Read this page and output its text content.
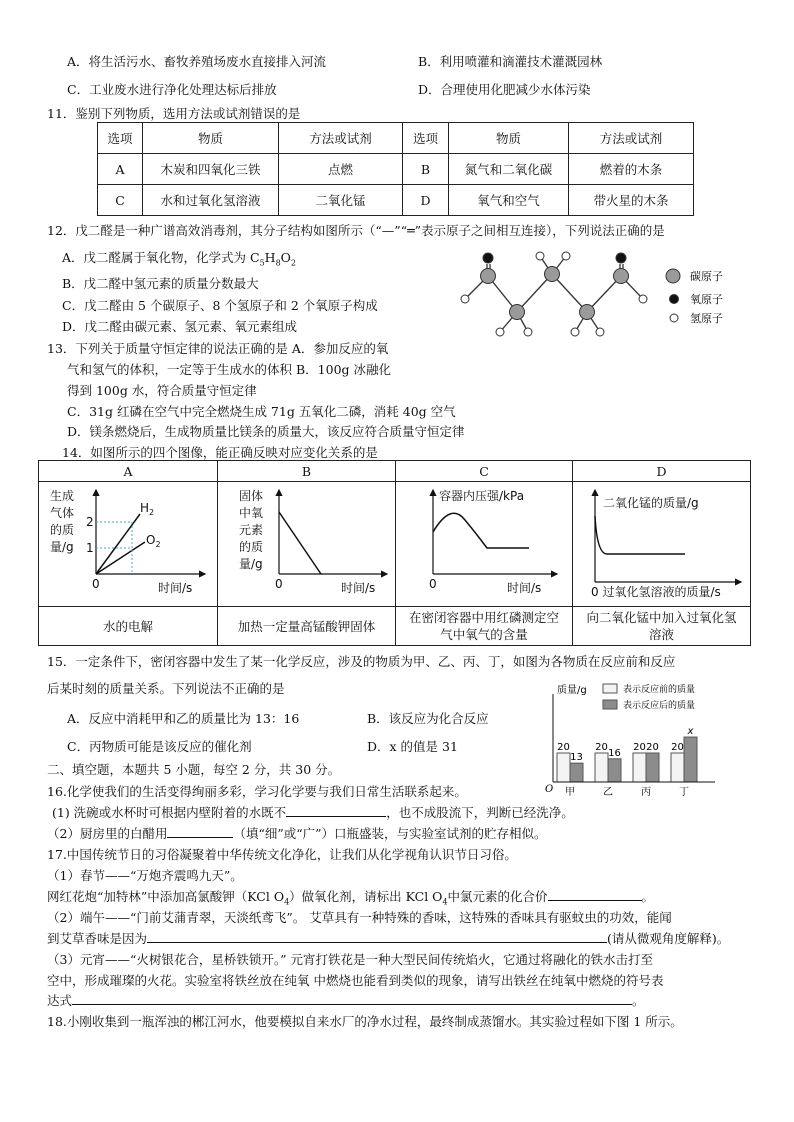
A．将生活污水、畜牧养殖场废水直接排入河流	B．利用喷灌和滴灌技术灌溉园林
C．工业废水进行净化处理达标后排放	D．合理使用化肥减少水体污染
11．鉴别下列物质，选用方法或试剂错误的是
选项	物质	方法或试剂	选项	物质	方法或试剂
A	木炭和四氧化三铁	点燃	B	氮气和二氧化碳	燃着的木条
C	水和过氧化氢溶液	二氧化锰	D	氧气和空气	带火星的木条
12．戊二醛是一种广谱高效消毒剂，其分子结构如图所示（“—”“═”表示原子之间相互连接），下列说法正确的是
A．戊二醛属于氧化物，化学式为 $C_5H_8O_2$
B．戊二醛中氢元素的质量分数最大
C．戊二醛由 5 个碳原子、8 个氢原子和 2 个氧原子构成
D．戊二醛由碳元素、氢元素、氧元素组成
碳原子
氧原子
氢原子
13．下列关于质量守恒定律的说法正确的是 A．参加反应的氧
气和氢气的体积，一定等于生成水的体积 B．100g 冰融化
得到 100g 水，符合质量守恒定律
C．31g 红磷在空气中完全燃烧生成 71g 五氧化二磷，消耗 40g 空气
D．镁条燃烧后，生成物质量比镁条的质量大，该反应符合质量守恒定律
14．如图所示的四个图像，能正确反映对应变化关系的是
A	B	C	D

水的电解	加热一定量高锰酸钾固体	在密闭容器中用红磷测定空气中氧气的含量	向二氧化锰中加入过氧化氢溶液
生成
气体
的质
量/g
2
1
0
$H_2$
$O_2$
时间/s
固体
中氧
元素
的质
量/g
0	时间/s
容器内压强/kPa
0	时间/s
二氧化锰的质量/g
0 过氧化氢溶液的质量/s
15．一定条件下，密闭容器中发生了某一化学反应，涉及的物质为甲、乙、丙、丁，如图为各物质在反应前和反应
后某时刻的质量关系。下列说法不正确的是
A．反应中消耗甲和乙的质量比为 13：16	B．该反应为化合反应
C．丙物质可能是该反应的催化剂	D．x 的值是 31
质量/g	表示反应前的质量
表示反应后的质量
O
20
13
甲
20
16
乙
20 20
丙
20
x
丁
二、填空题，本题共 5 小题，每空 2 分，共 30 分。
16.化学使我们的生活变得绚丽多彩，学习化学要与我们日常生活联系起来。
(1) 洗碗或水杯时可根据内壁附着的水既不	，也不成股流下，判断已经洗净。
（2）厨房里的白醋用	（填“细”或“广”）口瓶盛装，与实验室试剂的贮存相似。
17.中国传统节日的习俗凝聚着中华传统文化净化，让我们从化学视角认识节日习俗。
（1）春节——“万炮齐震鸣九天”。
网红花炮“加特林”中添加高氯酸钾（KCl $O_4$）做氧化剂，请标出 KCl $O_4$中氯元素的化合价	。
（2）端午——“门前艾蒲青翠，天淡纸鸢飞”。 艾草具有一种特殊的香味，这特殊的香味具有驱蚊虫的功效，能闻
到艾草香味是因为	(请从微观角度解释)。
（3）元宵——“火树银花合，星桥铁锁开。” 元宵打铁花是一种大型民间传统焰火，它通过将融化的铁水击打至
空中，形成璀璨的火花。实验室将铁丝放在纯氧 中燃烧也能看到类似的现象，请写出铁丝在纯氧中燃烧的符号表
达式	。
18.小刚收集到一瓶浑浊的郴江河水，他要模拟自来水厂的净水过程，最终制成蒸馏水。其实验过程如下图 1 所示。
